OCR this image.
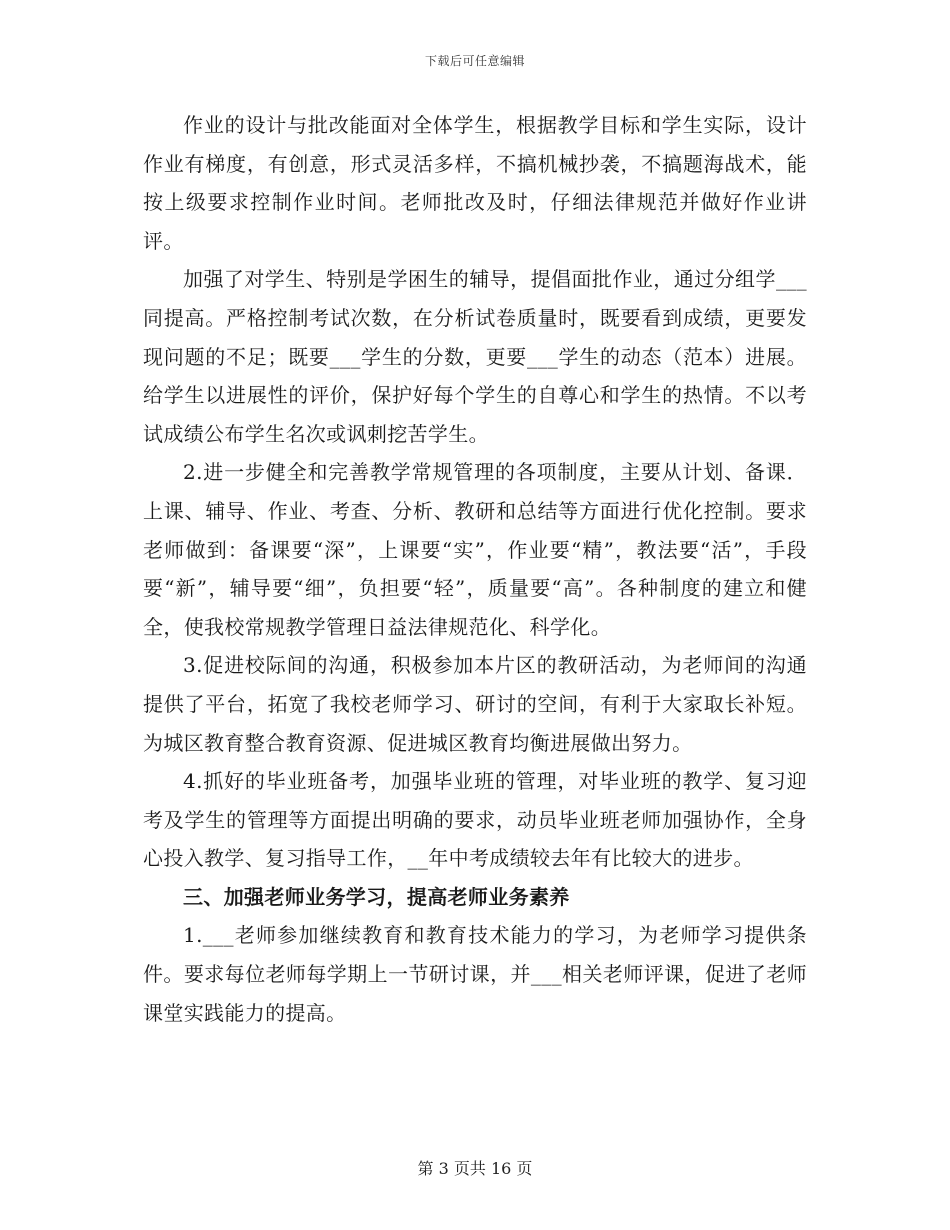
下载后可任意编辑

作业的设计与批改能面对全体学生，根据教学目标和学生实际，设计作业有梯度，有创意，形式灵活多样，不搞机械抄袭，不搞题海战术，能按上级要求控制作业时间。老师批改及时，仔细法律规范并做好作业讲评。

加强了对学生、特别是学困生的辅导，提倡面批作业，通过分组学___同提高。严格控制考试次数，在分析试卷质量时，既要看到成绩，更要发现问题的不足；既要___学生的分数，更要___学生的动态（范本）进展。给学生以进展性的评价，保护好每个学生的自尊心和学生的热情。不以考试成绩公布学生名次或讽刺挖苦学生。

2.进一步健全和完善教学常规管理的各项制度，主要从计划、备课．上课、辅导、作业、考查、分析、教研和总结等方面进行优化控制。要求老师做到：备课要“深”，上课要“实”，作业要“精”，教法要“活”，手段要“新”，辅导要“细”，负担要“轻”，质量要“高”。各种制度的建立和健全，使我校常规教学管理日益法律规范化、科学化。

3.促进校际间的沟通，积极参加本片区的教研活动，为老师间的沟通提供了平台，拓宽了我校老师学习、研讨的空间，有利于大家取长补短。为城区教育整合教育资源、促进城区教育均衡进展做出努力。

4.抓好的毕业班备考，加强毕业班的管理，对毕业班的教学、复习迎考及学生的管理等方面提出明确的要求，动员毕业班老师加强协作，全身心投入教学、复习指导工作，__年中考成绩较去年有比较大的进步。

三、加强老师业务学习，提高老师业务素养

1.___老师参加继续教育和教育技术能力的学习，为老师学习提供条件。要求每位老师每学期上一节研讨课，并___相关老师评课，促进了老师课堂实践能力的提高。

第 3 页共 16 页
